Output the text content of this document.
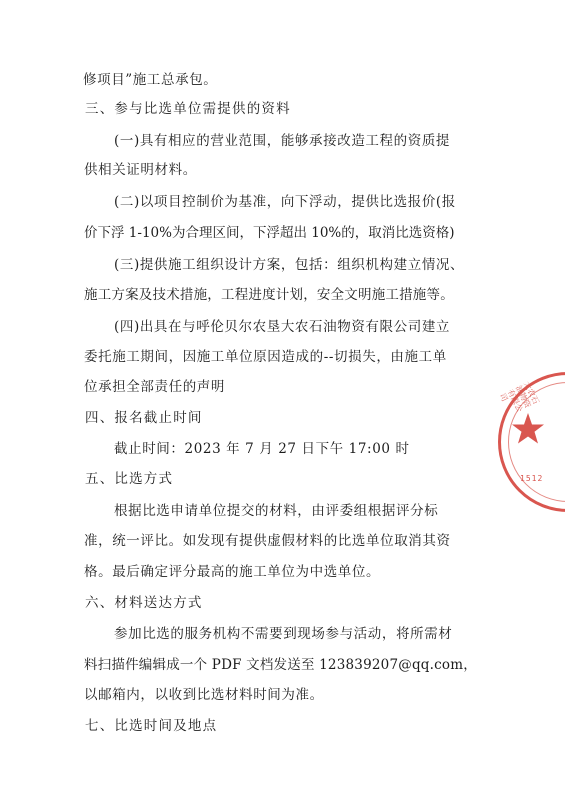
修项目”施工总承包。
三、参与比选单位需提供的资料
(一)具有相应的营业范围，能够承接改造工程的资质提
供相关证明材料。
(二)以项目控制价为基准，向下浮动，提供比选报价(报
价下浮 1-10%为合理区间，下浮超出 10%的，取消比选资格)
(三)提供施工组织设计方案，包括：组织机构建立情况、
施工方案及技术措施，工程进度计划，安全文明施工措施等。
(四)出具在与呼伦贝尔农垦大农石油物资有限公司建立
委托施工期间，因施工单位原因造成的--切损失，由施工单
位承担全部责任的声明
四、报名截止时间
截止时间：2023 年 7 月 27 日下午 17:00 时
五、比选方式
根据比选申请单位提交的材料，由评委组根据评分标
准，统一评比。如发现有提供虚假材料的比选单位取消其资
格。最后确定评分最高的施工单位为中选单位。
六、材料送达方式
参加比选的服务机构不需要到现场参与活动，将所需材
料扫描件编辑成一个 PDF 文档发送至 123839207@qq.com，
以邮箱内，以收到比选材料时间为准。
七、比选时间及地点
大农石油物资有限公司
1512
